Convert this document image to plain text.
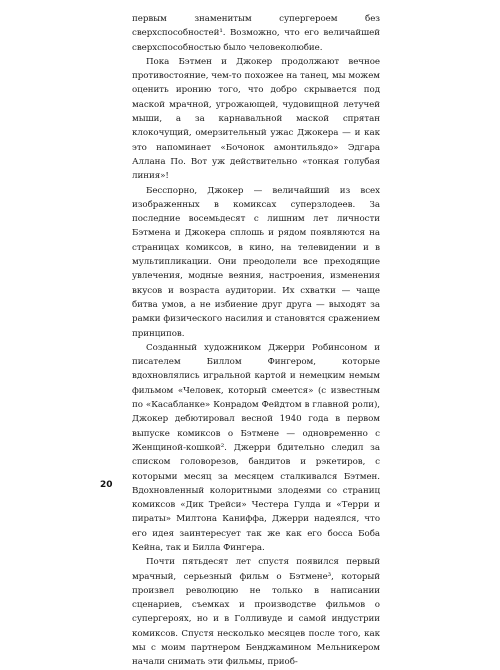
первым знаменитым супергероем без сверхспособностей¹. Возможно, что его величайшей сверхспособностью было человеколюбие.

Пока Бэтмен и Джокер продолжают вечное противостояние, чем-то похожее на танец, мы можем оценить иронию того, что добро скрывается под маской мрачной, угрожающей, чудовищной летучей мыши, а за карнавальной маской спрятан клокочущий, омерзительный ужас Джокера — и как это напоминает «Бочонок амонтильядо» Эдгара Аллана По. Вот уж действительно «тонкая голубая линия»!

Бесспорно, Джокер — величайший из всех изображенных в комиксах суперзлодеев. За последние восемьдесят с лишним лет личности Бэтмена и Джокера сплошь и рядом появляются на страницах комиксов, в кино, на телевидении и в мультипликации. Они преодолели все преходящие увлечения, модные веяния, настроения, изменения вкусов и возраста аудитории. Их схватки — чаще битва умов, а не избиение друг друга — выходят за рамки физического насилия и становятся сражением принципов.

Созданный художником Джерри Робинсоном и писателем Биллом Фингером, которые вдохновлялись игральной картой и немецким немым фильмом «Человек, который смеется» (с известным по «Касабланке» Конрадом Фейдтом в главной роли), Джокер дебютировал весной 1940 года в первом выпуске комиксов о Бэтмене — одновременно с Женщиной-кошкой². Джерри бдительно следил за списком головорезов, бандитов и рэкетиров, с которыми месяц за месяцем сталкивался Бэтмен. Вдохновленный колоритными злодеями со страниц комиксов «Дик Трейси» Честера Гулда и «Терри и пираты» Милтона Каниффа, Джерри надеялся, что его идея заинтересует так же как его босса Боба Кейна, так и Билла Фингера.

Почти пятьдесят лет спустя появился первый мрачный, серьезный фильм о Бэтмене³, который произвел революцию не только в написании сценариев, съемках и производстве фильмов о супергероях, но и в Голливуде и самой индустрии комиксов. Спустя несколько месяцев после того, как мы с моим партнером Бенджамином Мельникером начали снимать эти фильмы, приоб-

20
